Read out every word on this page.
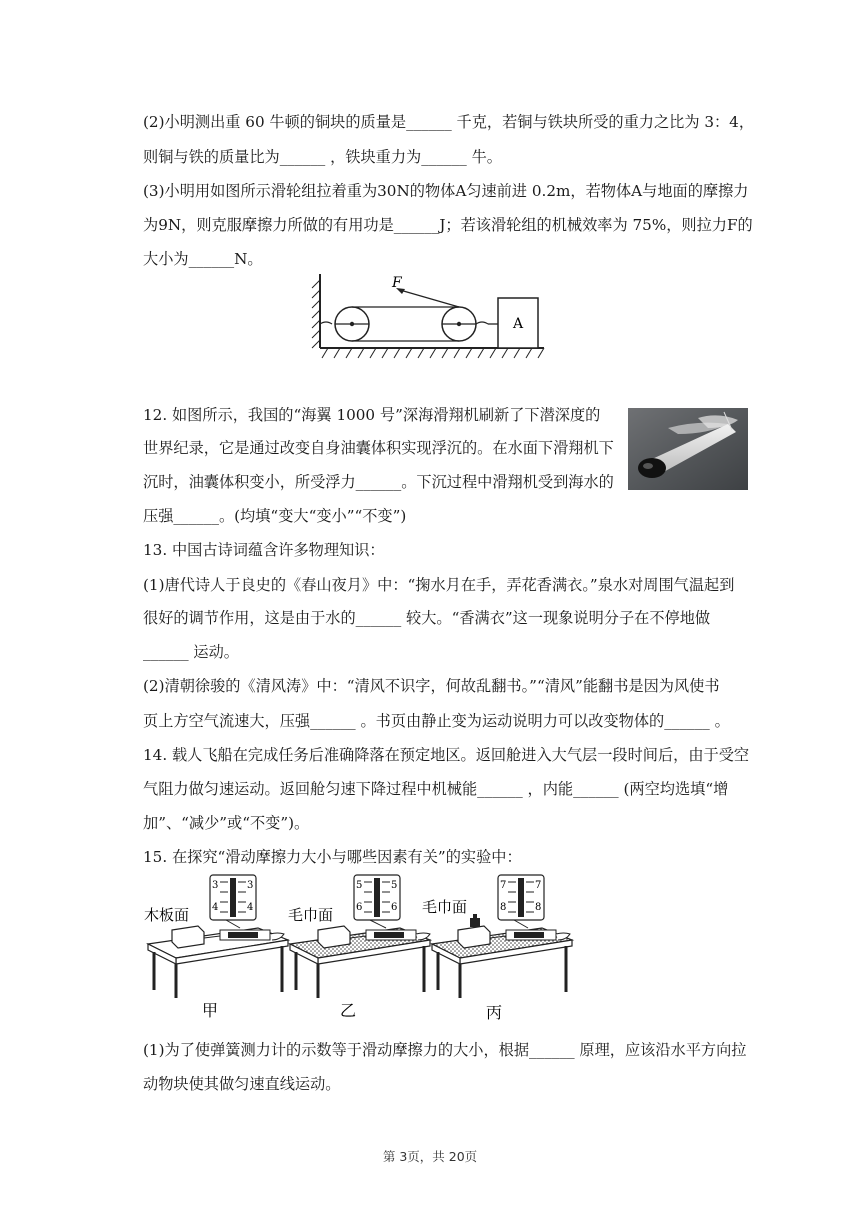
(2)小明测出重 60 牛顿的铜块的质量是______ 千克，若铜与铁块所受的重力之比为 3：4，
则铜与铁的质量比为______ ，铁块重力为______ 牛。
(3)小明用如图所示滑轮组拉着重为30N的物体A匀速前进 0.2m，若物体A与地面的摩擦力
为9N，则克服摩擦力所做的有用功是______J；若该滑轮组的机械效率为 75%，则拉力F的
大小为______N。
F
A
12. 如图所示，我国的“海翼 1000 号”深海滑翔机刷新了下潜深度的
世界纪录，它是通过改变自身油囊体积实现浮沉的。在水面下滑翔机下
沉时，油囊体积变小，所受浮力______。下沉过程中滑翔机受到海水的
压强______。(均填“变大“变小”“不变”)
13. 中国古诗词蕴含许多物理知识：
(1)唐代诗人于良史的《春山夜月》中：“掬水月在手，弄花香满衣。”泉水对周围气温起到
很好的调节作用，这是由于水的______ 较大。“香满衣”这一现象说明分子在不停地做
______ 运动。
(2)清朝徐骏的《清风涛》中：“清风不识字，何故乱翻书。”“清风”能翻书是因为风使书
页上方空气流速大，压强______ 。书页由静止变为运动说明力可以改变物体的______ 。
14. 载人飞船在完成任务后准确降落在预定地区。返回舱进入大气层一段时间后，由于受空
气阻力做匀速运动。返回舱匀速下降过程中机械能______ ，内能______ (两空均选填“增
加”、“减少”或“不变”)。
15. 在探究“滑动摩擦力大小与哪些因素有关”的实验中：
3
4
3
4
木板面
甲
5
6
5
6
毛巾面
乙
7
8
7
8
毛巾面
丙
(1)为了使弹簧测力计的示数等于滑动摩擦力的大小，根据______ 原理，应该沿水平方向拉
动物块使其做匀速直线运动。
第 3页，共 20页
